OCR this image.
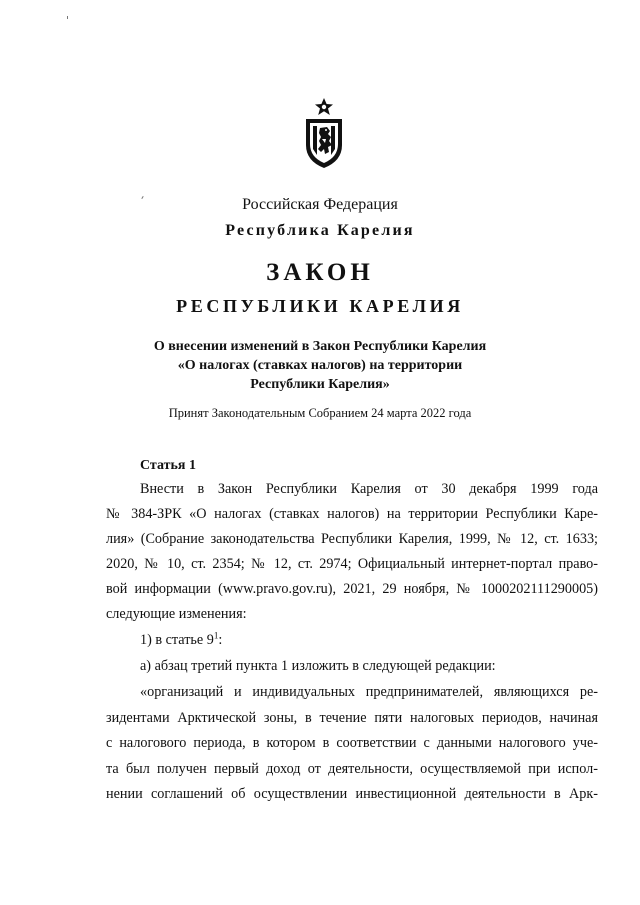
Российская Федерация
Республика Карелия
ЗАКОН
РЕСПУБЛИКИ КАРЕЛИЯ
О внесении изменений в Закон Республики Карелия
«О налогах (ставках налогов) на территории
Республики Карелия»
Принят Законодательным Собранием 24 марта 2022 года
Статья 1
Внести в Закон Республики Карелия от 30 декабря 1999 года
№ 384-ЗРК «О налогах (ставках налогов) на территории Республики Каре-
лия» (Собрание законодательства Республики Карелия, 1999, № 12, ст. 1633;
2020, № 10, ст. 2354; № 12, ст. 2974; Официальный интернет-портал право-
вой информации (www.pravo.gov.ru), 2021, 29 ноября, № 1000202111290005)
следующие изменения:
1) в статье $9^1$:
а) абзац третий пункта 1 изложить в следующей редакции:
«организаций и индивидуальных предпринимателей, являющихся ре-
зидентами Арктической зоны, в течение пяти налоговых периодов, начиная
с налогового периода, в котором в соответствии с данными налогового уче-
та был получен первый доход от деятельности, осуществляемой при испол-
нении соглашений об осуществлении инвестиционной деятельности в Арк-
